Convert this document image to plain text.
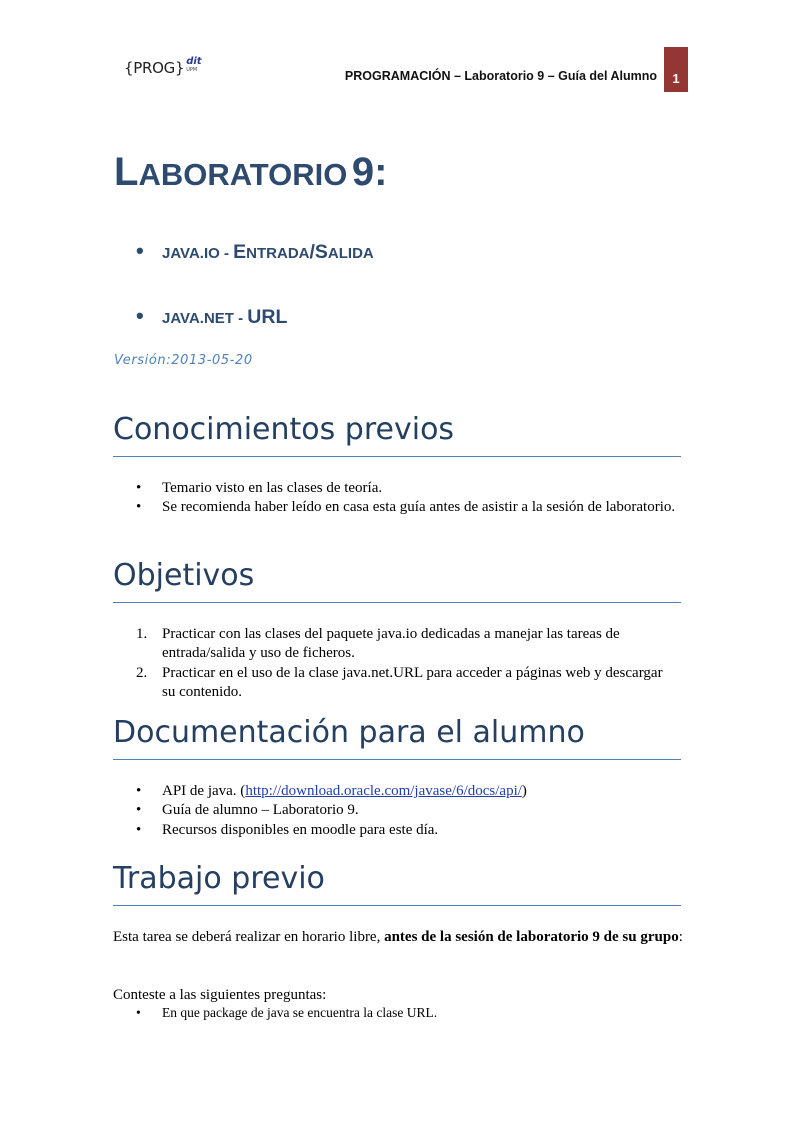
{PROG} dit
UPM	PROGRAMACIÓN – Laboratorio 9 – Guía del Alumno	1
LABORATORIO 9:
•	JAVA.IO - E NTRADA / S ALIDA
•	JAVA.NET - URL
Versión:2013-05-20
Conocimientos previos
• Temario visto en las clases de teoría.
• Se recomienda haber leído en casa esta guía antes de asistir a la sesión de laboratorio.
Objetivos
1. Practicar con las clases del paquete java.io dedicadas a manejar las tareas de entrada/salida y uso de ficheros.
2. Practicar en el uso de la clase java.net.URL para acceder a páginas web y descargar su contenido.
Documentación para el alumno
• API de java. (http://download.oracle.com/javase/6/docs/api/)
• Guía de alumno – Laboratorio 9.
• Recursos disponibles en moodle para este día.
Trabajo previo
Esta tarea se deberá realizar en horario libre, antes de la sesión de laboratorio 9 de su grupo:
Conteste a las siguientes preguntas:
• En que package de java se encuentra la clase URL.
